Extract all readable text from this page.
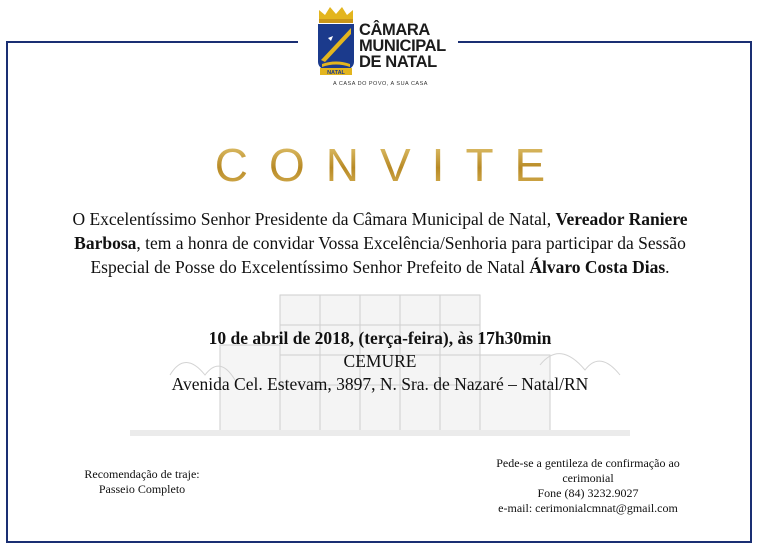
NATAL
CÂMARA
MUNICIPAL
DE NATAL
A CASA DO POVO, A SUA CASA
CONVITE
O Excelentíssimo Senhor Presidente da Câmara Municipal de Natal, Vereador Raniere Barbosa, tem a honra de convidar Vossa Excelência/Senhoria para participar da Sessão Especial de Posse do Excelentíssimo Senhor Prefeito de Natal Álvaro Costa Dias.
10 de abril de 2018, (terça-feira), às 17h30min
CEMURE
Avenida Cel. Estevam, 3897, N. Sra. de Nazaré – Natal/RN
Recomendação de traje:
Passeio Completo
Pede-se a gentileza de confirmação ao cerimonial
Fone (84) 3232.9027
e-mail: cerimonialcmnat@gmail.com
